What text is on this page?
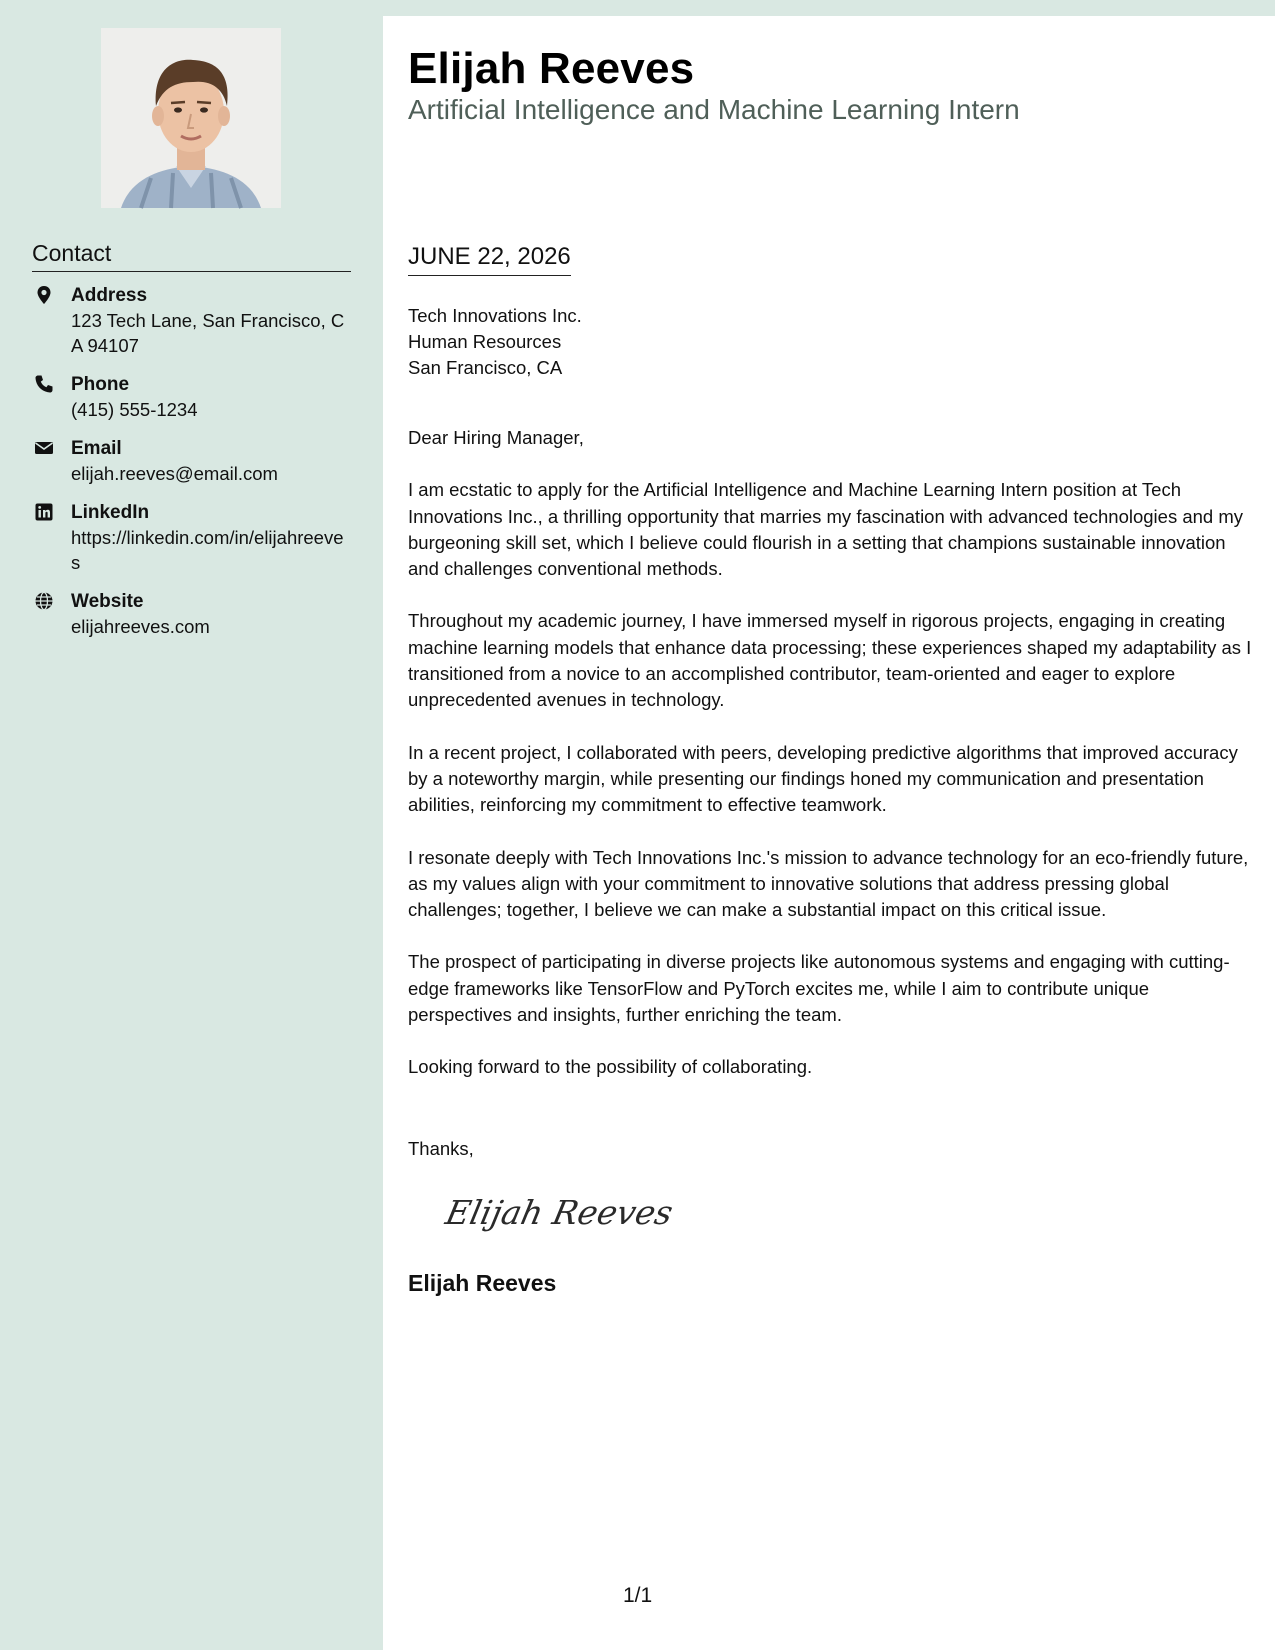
Contact
Address
123 Tech Lane, San Francisco, CA 94107
Phone
(415) 555-1234
Email
elijah.reeves@email.com
LinkedIn
https://linkedin.com/in/elijahreeves
Website
elijahreeves.com
Elijah Reeves
Artificial Intelligence and Machine Learning Intern
JUNE 22, 2026
Tech Innovations Inc.
Human Resources
San Francisco, CA
Dear Hiring Manager,

I am ecstatic to apply for the Artificial Intelligence and Machine Learning Intern position at Tech Innovations Inc., a thrilling opportunity that marries my fascination with advanced technologies and my burgeoning skill set, which I believe could flourish in a setting that champions sustainable innovation and challenges conventional methods.

Throughout my academic journey, I have immersed myself in rigorous projects, engaging in creating machine learning models that enhance data processing; these experiences shaped my adaptability as I transitioned from a novice to an accomplished contributor, team-oriented and eager to explore unprecedented avenues in technology.

In a recent project, I collaborated with peers, developing predictive algorithms that improved accuracy by a noteworthy margin, while presenting our findings honed my communication and presentation abilities, reinforcing my commitment to effective teamwork.

I resonate deeply with Tech Innovations Inc.'s mission to advance technology for an eco-friendly future, as my values align with your commitment to innovative solutions that address pressing global challenges; together, I believe we can make a substantial impact on this critical issue.

The prospect of participating in diverse projects like autonomous systems and engaging with cutting-edge frameworks like TensorFlow and PyTorch excites me, while I aim to contribute unique perspectives and insights, further enriching the team.

Looking forward to the possibility of collaborating.

Thanks,
Elijah Reeves
Elijah Reeves
1/1
